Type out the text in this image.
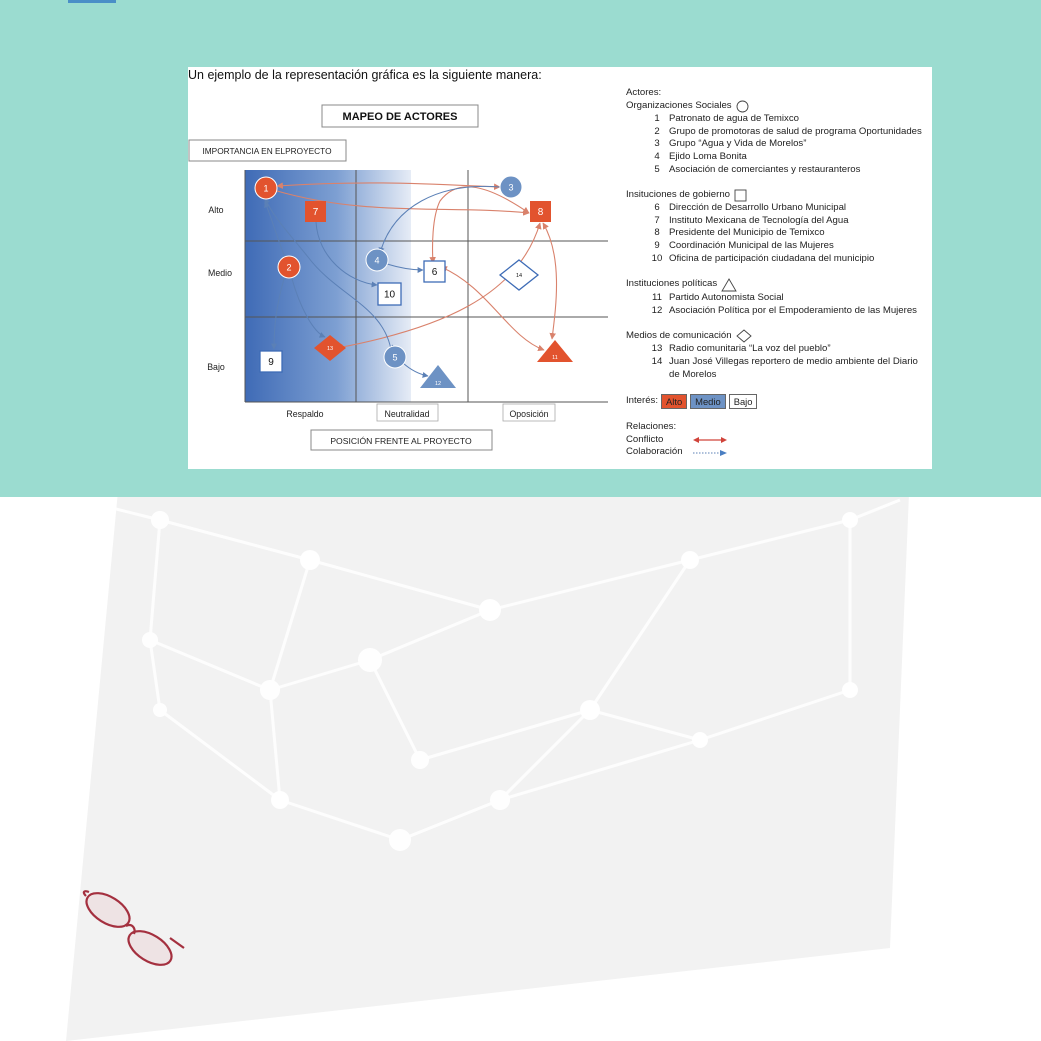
Un ejemplo de la representación gráfica es la siguiente manera:
MAPEO DE ACTORES
IMPORTANCIA EN ELPROYECTO
Alto
Medio
Bajo
Respaldo	Neutralidad	Oposición
POSICIÓN FRENTE AL PROYECTO
1
2
3
4
5
6
7	8
9
10
11
12
13
14
Actores:
Organizaciones Sociales
1 Patronato de agua de Temixco
2 Grupo de promotoras de salud de programa Oportunidades
3 Grupo “Agua y Vida de Morelos”
4 Ejido Loma Bonita
5 Asociación de comerciantes y restauranteros
Insituciones de gobierno
6 Dirección de Desarrollo Urbano Municipal
7 Instituto Mexicana de Tecnología del Agua
8 Presidente del Municipio de Temixco
9 Coordinación Municipal de las Mujeres
10 Oficina de participación ciudadana del municipio
Instituciones políticas
11 Partido Autonomista Social
12 Asociación Política por el Empoderamiento de las Mujeres
Medios de comunicación
13 Radio comunitaria “La voz del pueblo”
14 Juan José Villegas reportero de medio ambiente del Diario de Morelos
Interés: Alto	Medio	Bajo
Relaciones:
Conflicto
Colaboración
